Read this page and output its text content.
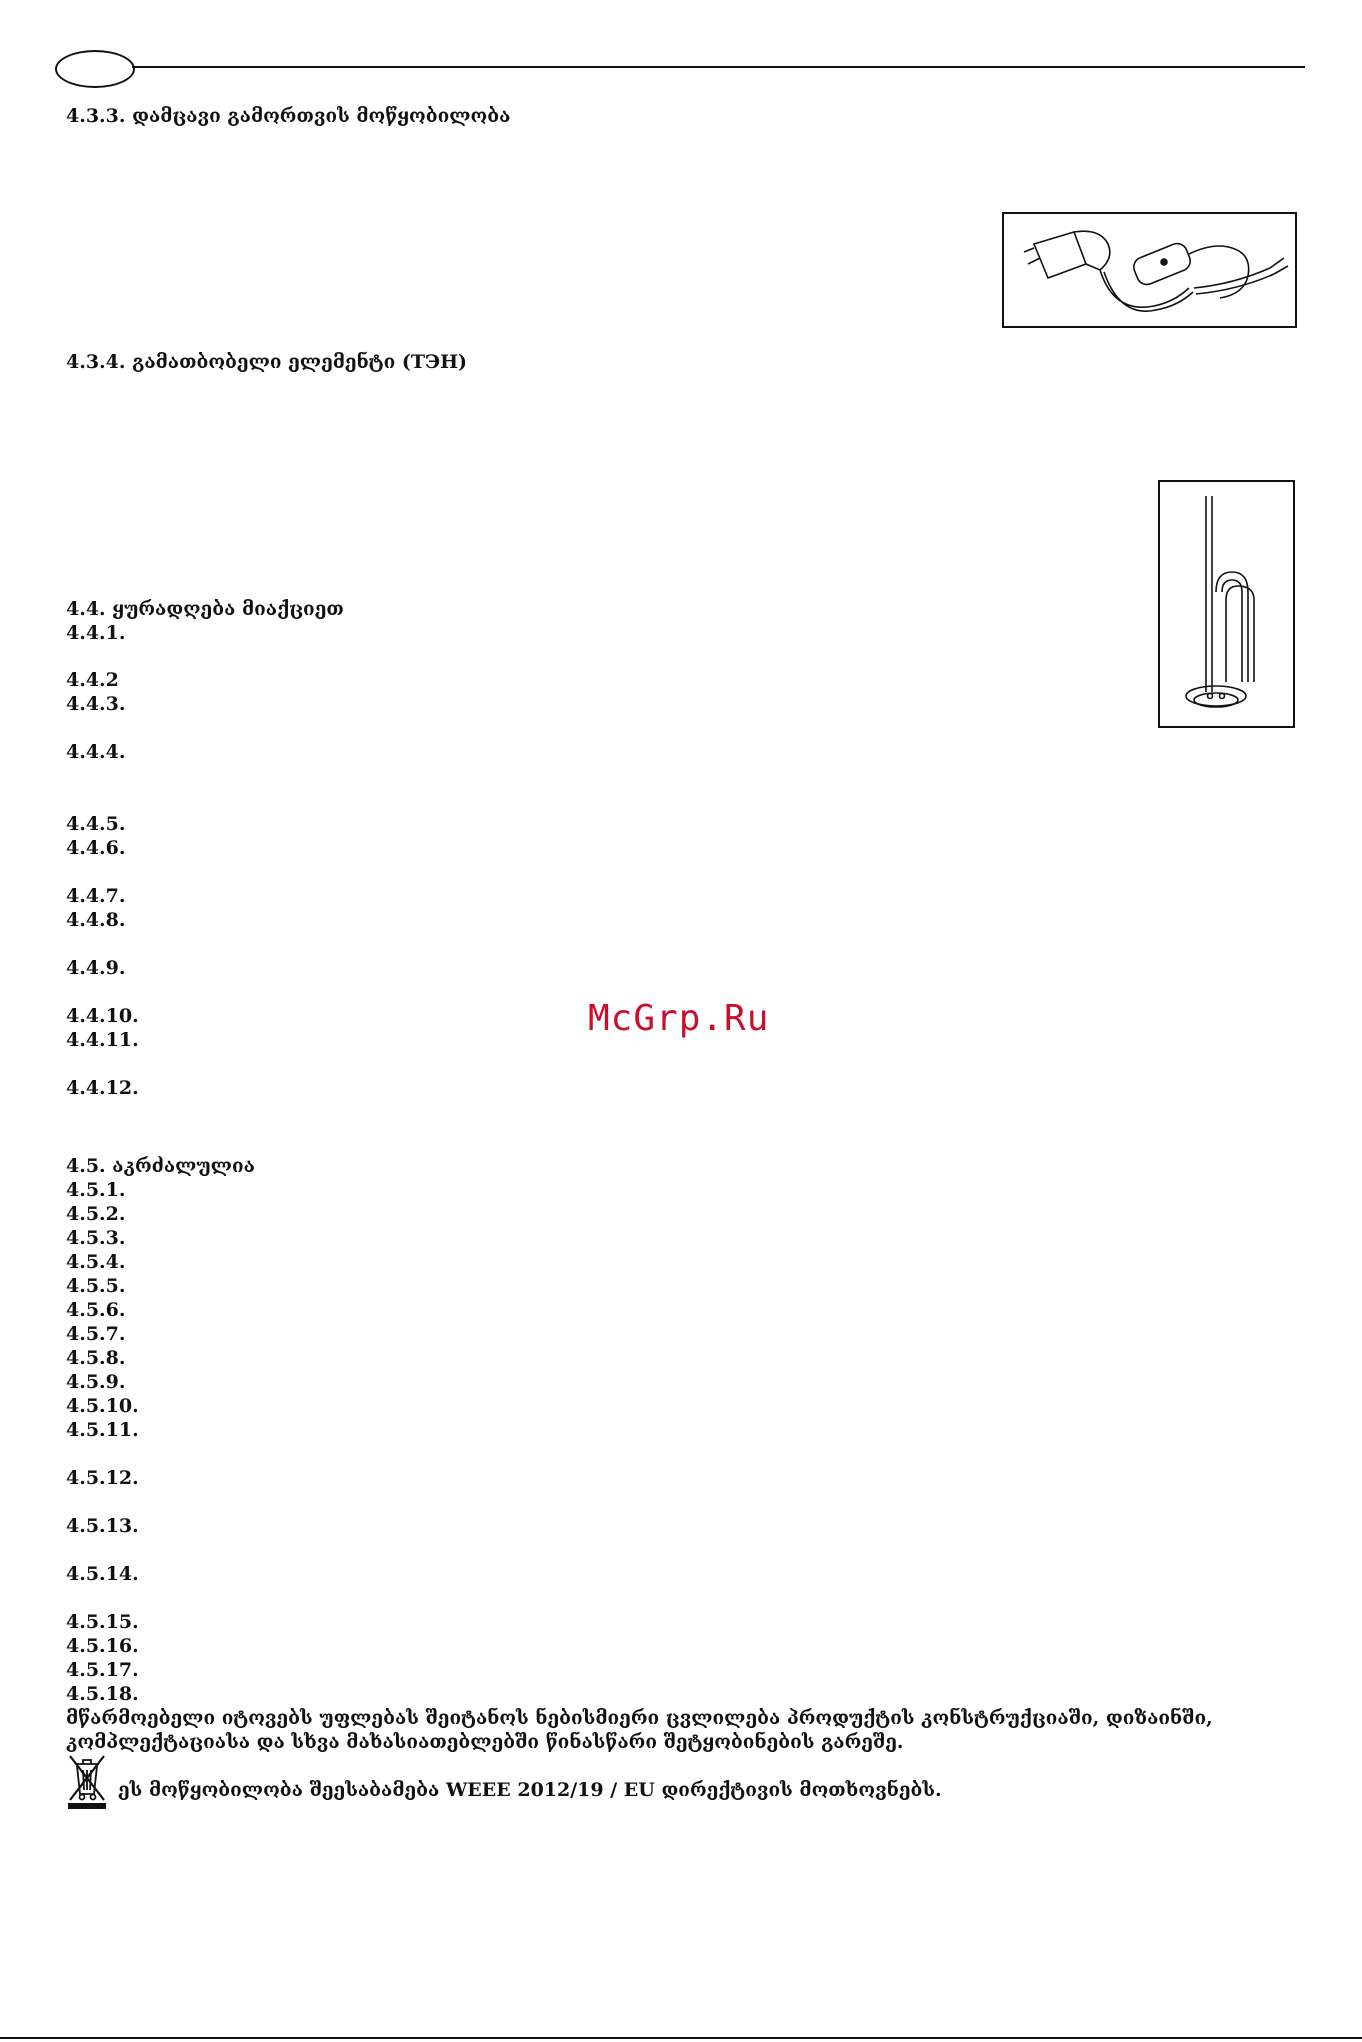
4.3.3. დამცავი გამორთვის მოწყობილობა
4.3.4. გამათბობელი ელემენტი (ТЭН)
4.4. ყურადღება მიაქციეთ
4.4.1.
4.4.2
4.4.3.
4.4.4.
4.4.5.
4.4.6.
4.4.7.
4.4.8.
4.4.9.
4.4.10.
4.4.11.
4.4.12.
McGrp.Ru
4.5. აკრძალულია
4.5.1.
4.5.2.
4.5.3.
4.5.4.
4.5.5.
4.5.6.
4.5.7.
4.5.8.
4.5.9.
4.5.10.
4.5.11.
4.5.12.
4.5.13.
4.5.14.
4.5.15.
4.5.16.
4.5.17.
4.5.18.
მწარმოებელი იტოვებს უფლებას შეიტანოს ნებისმიერი ცვლილება პროდუქტის კონსტრუქციაში, დიზაინში,
კომპლექტაციასა და სხვა მახასიათებლებში წინასწარი შეტყობინების გარეშე.
ეს მოწყობილობა შეესაბამება WEEE 2012/19 / EU დირექტივის მოთხოვნებს.
